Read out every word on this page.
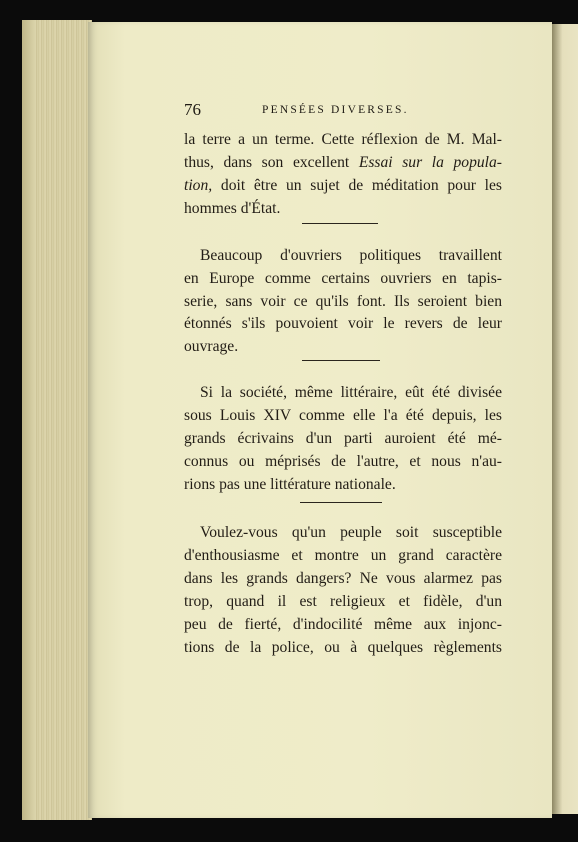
76	PENSÉES DIVERSES.
la terre a un terme. Cette réflexion de M. Mal-
thus, dans son excellent Essai sur la popula-
tion, doit être un sujet de méditation pour les
hommes d'État.
Beaucoup d'ouvriers politiques travaillent
en Europe comme certains ouvriers en tapis-
serie, sans voir ce qu'ils font. Ils seroient bien
étonnés s'ils pouvoient voir le revers de leur
ouvrage.
Si la société, même littéraire, eût été divisée
sous Louis XIV comme elle l'a été depuis, les
grands écrivains d'un parti auroient été mé-
connus ou méprisés de l'autre, et nous n'au-
rions pas une littérature nationale.
Voulez-vous qu'un peuple soit susceptible
d'enthousiasme et montre un grand caractère
dans les grands dangers? Ne vous alarmez pas
trop, quand il est religieux et fidèle, d'un
peu de fierté, d'indocilité même aux injonc-
tions de la police, ou à quelques règlements
